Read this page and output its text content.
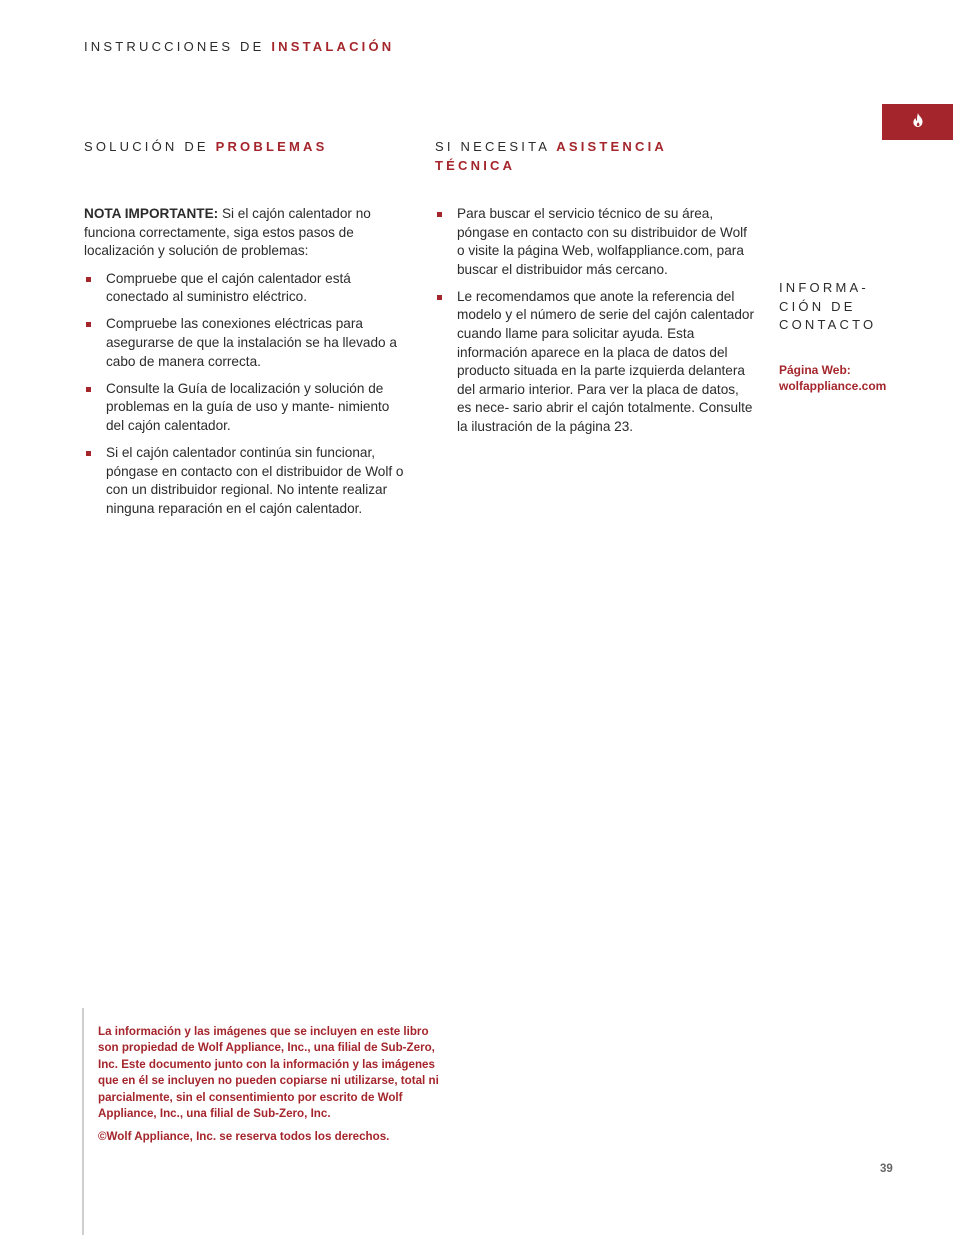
INSTRUCCIONES DE INSTALACIÓN
SOLUCIÓN DE PROBLEMAS	SI NECESITA ASISTENCIA
TÉCNICA

NOTA IMPORTANTE: Si el cajón calentador no funciona correctamente, siga estos pasos de localización y solución de problemas:

Compruebe que el cajón calentador está conectado al suministro eléctrico.
Compruebe las conexiones eléctricas para asegurarse de que la instalación se ha llevado a cabo de manera correcta.
Consulte la Guía de localización y solución de problemas en la guía de uso y mante- nimiento del cajón calentador.
Si el cajón calentador continúa sin funcionar, póngase en contacto con el distribuidor de Wolf o con un distribuidor regional. No intente realizar ninguna reparación en el cajón calentador.
Para buscar el servicio técnico de su área, póngase en contacto con su distribuidor de Wolf o visite la página Web, wolfappliance.com, para buscar el distribuidor más cercano.
Le recomendamos que anote la referencia del modelo y el número de serie del cajón calentador cuando llame para solicitar ayuda. Esta información aparece en la placa de datos del producto situada en la parte izquierda delantera del armario interior. Para ver la placa de datos, es nece- sario abrir el cajón totalmente. Consulte la ilustración de la página 23.
INFORMA-
CIÓN DE
CONTACTO
Página Web:
wolfappliance.com

La información y las imágenes que se incluyen en este libro son propiedad de Wolf Appliance, Inc., una filial de Sub-Zero, Inc. Este documento junto con la información y las imágenes que en él se incluyen no pueden copiarse ni utilizarse, total ni parcialmente, sin el consentimiento por escrito de Wolf Appliance, Inc., una filial de Sub-Zero, Inc.

©Wolf Appliance, Inc. se reserva todos los derechos.

39
